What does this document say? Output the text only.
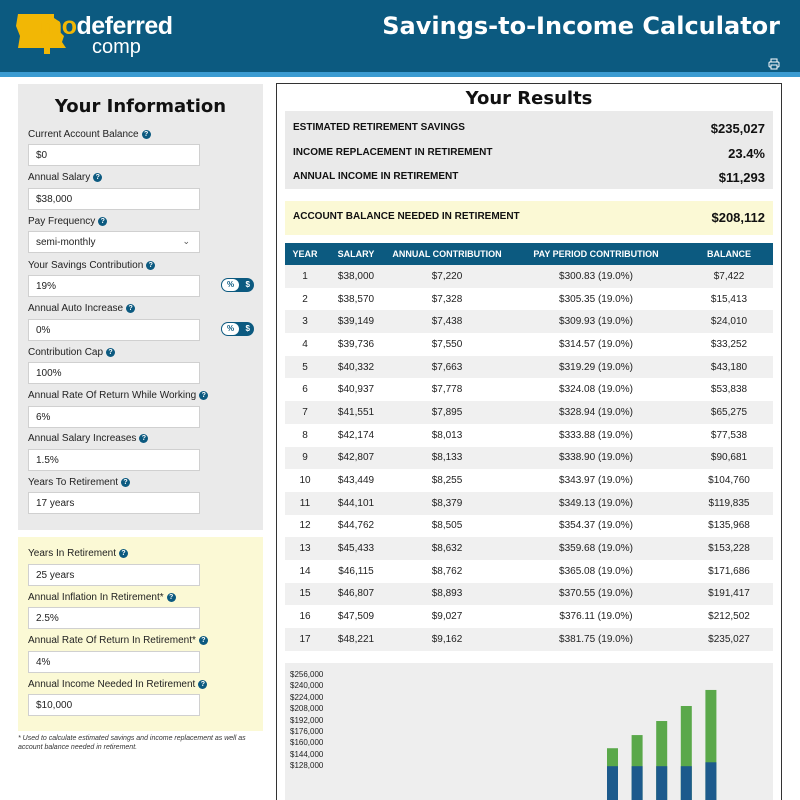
modeferred
comp
Savings-to-Income Calculator
Your Information
Current Account Balance ?
$0
Annual Salary ?
$38,000
Pay Frequency ?
semi-monthly	⌄
Your Savings Contribution ?
19%	%	$
Annual Auto Increase ?
0%	%	$
Contribution Cap ?
100%
Annual Rate Of Return While Working ?
6%
Annual Salary Increases ?
1.5%
Years To Retirement ?
17 years
Years In Retirement ?
25 years
Annual Inflation In Retirement* ?
2.5%
Annual Rate Of Return In Retirement* ?
4%
Annual Income Needed In Retirement ?
$10,000
* Used to calculate estimated savings and income replacement as well as account balance needed in retirement.
Your Results
ESTIMATED RETIREMENT SAVINGS	$235,027
INCOME REPLACEMENT IN RETIREMENT	23.4%
ANNUAL INCOME IN RETIREMENT	$11,293
ACCOUNT BALANCE NEEDED IN RETIREMENT	$208,112
YEAR	SALARY	ANNUAL CONTRIBUTION	PAY PERIOD CONTRIBUTION	BALANCE
1	$38,000	$7,220	$300.83 (19.0%)	$7,422
2	$38,570	$7,328	$305.35 (19.0%)	$15,413
3	$39,149	$7,438	$309.93 (19.0%)	$24,010
4	$39,736	$7,550	$314.57 (19.0%)	$33,252
5	$40,332	$7,663	$319.29 (19.0%)	$43,180
6	$40,937	$7,778	$324.08 (19.0%)	$53,838
7	$41,551	$7,895	$328.94 (19.0%)	$65,275
8	$42,174	$8,013	$333.88 (19.0%)	$77,538
9	$42,807	$8,133	$338.90 (19.0%)	$90,681
10	$43,449	$8,255	$343.97 (19.0%)	$104,760
11	$44,101	$8,379	$349.13 (19.0%)	$119,835
12	$44,762	$8,505	$354.37 (19.0%)	$135,968
13	$45,433	$8,632	$359.68 (19.0%)	$153,228
14	$46,115	$8,762	$365.08 (19.0%)	$171,686
15	$46,807	$8,893	$370.55 (19.0%)	$191,417
16	$47,509	$9,027	$376.11 (19.0%)	$212,502
17	$48,221	$9,162	$381.75 (19.0%)	$235,027
$256,000
$240,000
$224,000
$208,000
$192,000
$176,000
$160,000
$144,000
$128,000
